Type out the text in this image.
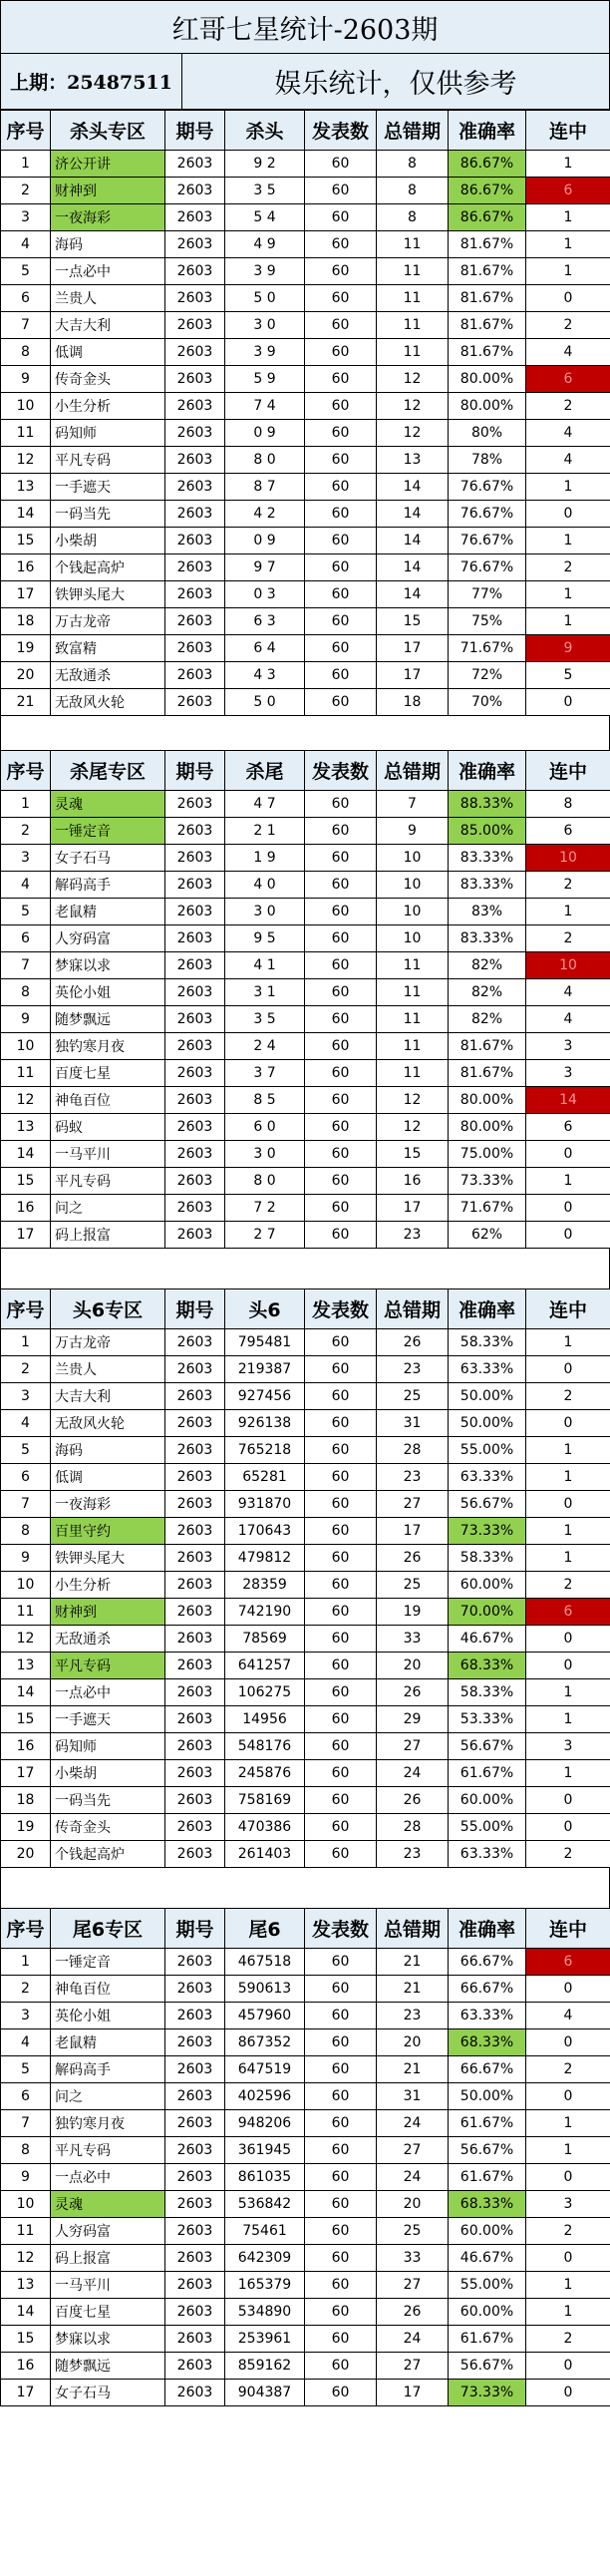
红哥七星统计-2603期
上期：25487511	娱乐统计，仅供参考
序号	杀头专区	期号	杀头	发表数	总错期	准确率	连中
1	济公开讲	2603	9 2	60	8	86.67%	1
2	财神到	2603	3 5	60	8	86.67%	6
3	一夜海彩	2603	5 4	60	8	86.67%	1
4	海码	2603	4 9	60	11	81.67%	1
5	一点必中	2603	3 9	60	11	81.67%	1
6	兰贵人	2603	5 0	60	11	81.67%	0
7	大吉大利	2603	3 0	60	11	81.67%	2
8	低调	2603	3 9	60	11	81.67%	4
9	传奇金头	2603	5 9	60	12	80.00%	6
10	小生分析	2603	7 4	60	12	80.00%	2
11	码知师	2603	0 9	60	12	80%	4
12	平凡专码	2603	8 0	60	13	78%	4
13	一手遮天	2603	8 7	60	14	76.67%	1
14	一码当先	2603	4 2	60	14	76.67%	0
15	小柴胡	2603	0 9	60	14	76.67%	1
16	个钱起高炉	2603	9 7	60	14	76.67%	2
17	铁钾头尾大	2603	0 3	60	14	77%	1
18	万古龙帝	2603	6 3	60	15	75%	1
19	致富精	2603	6 4	60	17	71.67%	9
20	无敌通杀	2603	4 3	60	17	72%	5
21	无敌风火轮	2603	5 0	60	18	70%	0
序号	杀尾专区	期号	杀尾	发表数	总错期	准确率	连中
1	灵魂	2603	4 7	60	7	88.33%	8
2	一锤定音	2603	2 1	60	9	85.00%	6
3	女子石马	2603	1 9	60	10	83.33%	10
4	解码高手	2603	4 0	60	10	83.33%	2
5	老鼠精	2603	3 0	60	10	83%	1
6	人穷码富	2603	9 5	60	10	83.33%	2
7	梦寐以求	2603	4 1	60	11	82%	10
8	英伦小姐	2603	3 1	60	11	82%	4
9	随梦飘远	2603	3 5	60	11	82%	4
10	独钓寒月夜	2603	2 4	60	11	81.67%	3
11	百度七星	2603	3 7	60	11	81.67%	3
12	神龟百位	2603	8 5	60	12	80.00%	14
13	码蚁	2603	6 0	60	12	80.00%	6
14	一马平川	2603	3 0	60	15	75.00%	0
15	平凡专码	2603	8 0	60	16	73.33%	1
16	问之	2603	7 2	60	17	71.67%	0
17	码上报富	2603	2 7	60	23	62%	0
序号	头6专区	期号	头6	发表数	总错期	准确率	连中
1	万古龙帝	2603	795481	60	26	58.33%	1
2	兰贵人	2603	219387	60	23	63.33%	0
3	大吉大利	2603	927456	60	25	50.00%	2
4	无敌风火轮	2603	926138	60	31	50.00%	0
5	海码	2603	765218	60	28	55.00%	1
6	低调	2603	65281	60	23	63.33%	1
7	一夜海彩	2603	931870	60	27	56.67%	0
8	百里守约	2603	170643	60	17	73.33%	1
9	铁钾头尾大	2603	479812	60	26	58.33%	1
10	小生分析	2603	28359	60	25	60.00%	2
11	财神到	2603	742190	60	19	70.00%	6
12	无敌通杀	2603	78569	60	33	46.67%	0
13	平凡专码	2603	641257	60	20	68.33%	0
14	一点必中	2603	106275	60	26	58.33%	1
15	一手遮天	2603	14956	60	29	53.33%	1
16	码知师	2603	548176	60	27	56.67%	3
17	小柴胡	2603	245876	60	24	61.67%	1
18	一码当先	2603	758169	60	26	60.00%	0
19	传奇金头	2603	470386	60	28	55.00%	0
20	个钱起高炉	2603	261403	60	23	63.33%	2
序号	尾6专区	期号	尾6	发表数	总错期	准确率	连中
1	一锤定音	2603	467518	60	21	66.67%	6
2	神龟百位	2603	590613	60	21	66.67%	0
3	英伦小姐	2603	457960	60	23	63.33%	4
4	老鼠精	2603	867352	60	20	68.33%	0
5	解码高手	2603	647519	60	21	66.67%	2
6	问之	2603	402596	60	31	50.00%	0
7	独钓寒月夜	2603	948206	60	24	61.67%	1
8	平凡专码	2603	361945	60	27	56.67%	1
9	一点必中	2603	861035	60	24	61.67%	0
10	灵魂	2603	536842	60	20	68.33%	3
11	人穷码富	2603	75461	60	25	60.00%	2
12	码上报富	2603	642309	60	33	46.67%	0
13	一马平川	2603	165379	60	27	55.00%	1
14	百度七星	2603	534890	60	26	60.00%	1
15	梦寐以求	2603	253961	60	24	61.67%	2
16	随梦飘远	2603	859162	60	27	56.67%	0
17	女子石马	2603	904387	60	17	73.33%	0
